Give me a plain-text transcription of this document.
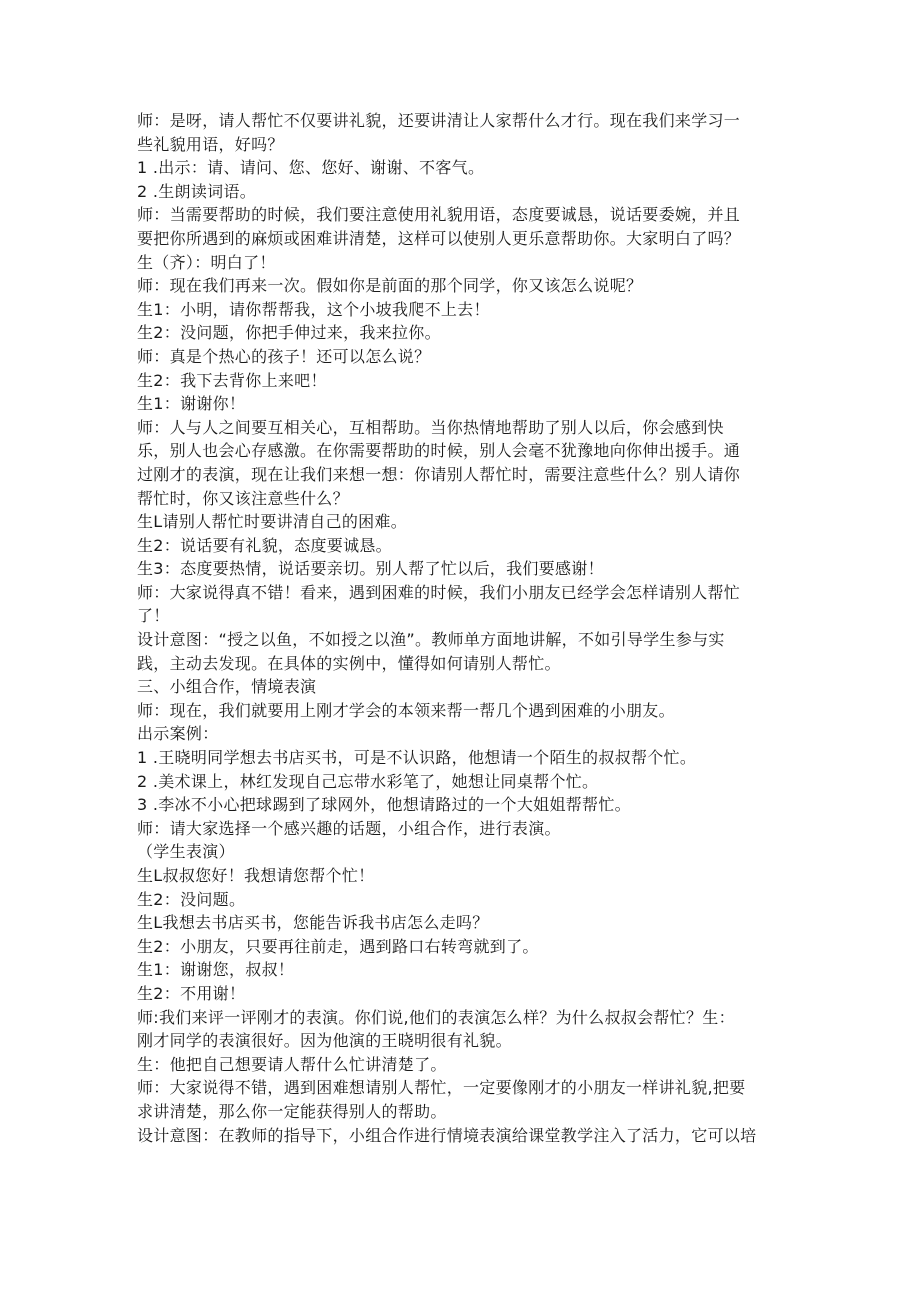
师：是呀，请人帮忙不仅要讲礼貌，还要讲清让人家帮什么才行。现在我们来学习一
些礼貌用语，好吗？
1 .出示：请、请问、您、您好、谢谢、不客气。
2 .生朗读词语。
师：当需要帮助的时候，我们要注意使用礼貌用语，态度要诚恳，说话要委婉，并且
要把你所遇到的麻烦或困难讲清楚，这样可以使别人更乐意帮助你。大家明白了吗？
生（齐）：明白了！
师：现在我们再来一次。假如你是前面的那个同学，你又该怎么说呢？
生1：小明，请你帮帮我，这个小坡我爬不上去！
生2：没问题，你把手伸过来，我来拉你。
师：真是个热心的孩子！还可以怎么说？
生2：我下去背你上来吧！
生1：谢谢你！
师：人与人之间要互相关心，互相帮助。当你热情地帮助了别人以后，你会感到快
乐，别人也会心存感激。在你需要帮助的时候，别人会毫不犹豫地向你伸出援手。通
过刚才的表演，现在让我们来想一想：你请别人帮忙时，需要注意些什么？别人请你
帮忙时，你又该注意些什么？
生L请别人帮忙时要讲清自己的困难。
生2：说话要有礼貌，态度要诚恳。
生3：态度要热情，说话要亲切。别人帮了忙以后，我们要感谢！
师：大家说得真不错！看来，遇到困难的时候，我们小朋友已经学会怎样请别人帮忙
了！
设计意图：“授之以鱼，不如授之以渔”。教师单方面地讲解，不如引导学生参与实
践，主动去发现。在具体的实例中，懂得如何请别人帮忙。
三、小组合作，情境表演
师：现在，我们就要用上刚才学会的本领来帮一帮几个遇到困难的小朋友。
出示案例：
1 .王晓明同学想去书店买书，可是不认识路，他想请一个陌生的叔叔帮个忙。
2 .美术课上，林红发现自己忘带水彩笔了，她想让同桌帮个忙。
3 .李冰不小心把球踢到了球网外，他想请路过的一个大姐姐帮帮忙。
师：请大家选择一个感兴趣的话题，小组合作，进行表演。
（学生表演）
生L叔叔您好！我想请您帮个忙！
生2：没问题。
生L我想去书店买书，您能告诉我书店怎么走吗？
生2：小朋友，只要再往前走，遇到路口右转弯就到了。
生1：谢谢您，叔叔！
生2：不用谢！
师:我们来评一评刚才的表演。你们说,他们的表演怎么样？为什么叔叔会帮忙？生：
刚才同学的表演很好。因为他演的王晓明很有礼貌。
生：他把自己想要请人帮什么忙讲清楚了。
师：大家说得不错，遇到困难想请别人帮忙，一定要像刚才的小朋友一样讲礼貌,把要
求讲清楚，那么你一定能获得别人的帮助。
设计意图：在教师的指导下，小组合作进行情境表演给课堂教学注入了活力，它可以培
